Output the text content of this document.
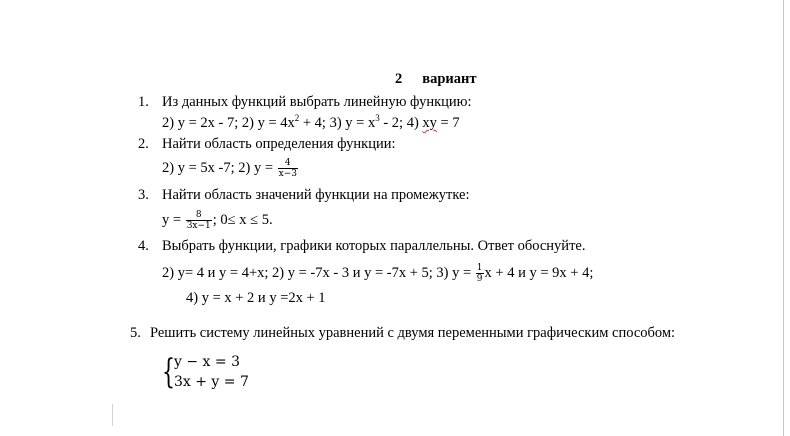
2 вариант
1. Из данных функций выбрать линейную функцию:
2) y = 2x - 7; 2) $y = 4x^2 + 4$; 3) $y = x^3 - 2$; 4) xy = 7
2. Найти область определения функции:
2) y = 5x -7; 2) $y = \frac{4}{x-3}$
3. Найти область значений функции на промежутке:
$y = \frac{8}{3x-1}$ ; 0≤ x ≤ 5.
4. Выбрать функции, графики которых параллельны. Ответ обоснуйте.
2) y= 4 и y = 4+x; 2) y = -7x - 3 и y = -7x + 5; 3) $y = \frac{1}{9}$ x + 4 и y = 9x + 4;
4) y = x + 2 и y =2x + 1
5. Решить систему линейных уравнений с двумя переменными графическим способом:
{ y − x = 3
3x + y = 7
